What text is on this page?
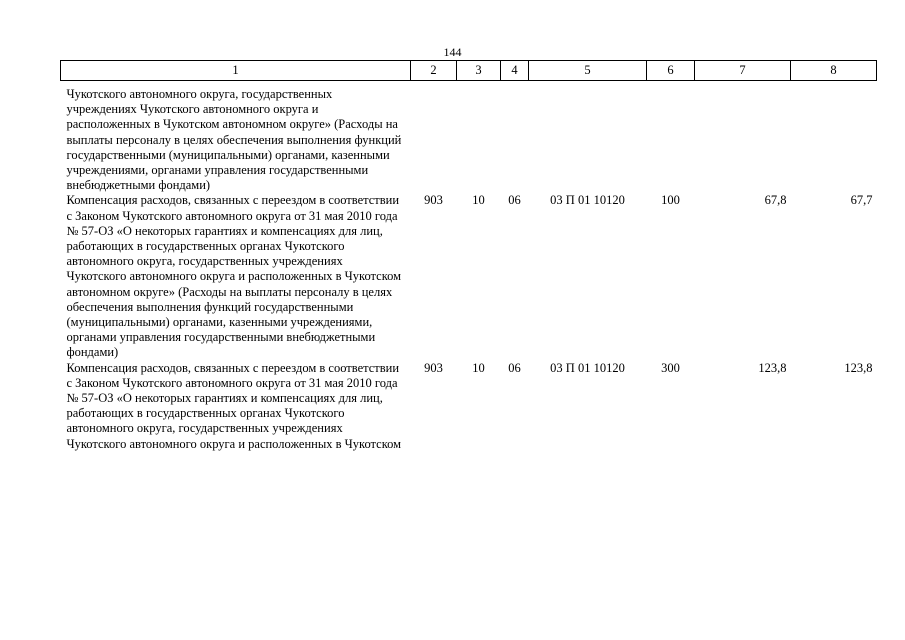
144
1	2	3	4	5	6	7	8
Чукотского автономного округа, государственных учреждениях Чукотского автономного округа и расположенных в Чукотском автономном округе» (Расходы на выплаты персоналу в целях обеспечения выполнения функций государственными (муниципальными) органами, казенными учреждениями, органами управления государственными внебюджетными фондами)							
Компенсация расходов, связанных с переездом в соответствии с Законом Чукотского автономного округа от 31 мая 2010 года № 57-ОЗ «О некоторых гарантиях и компенсациях для лиц, работающих в государственных органах Чукотского автономного округа, государственных учреждениях Чукотского автономного округа и расположенных в Чукотском автономном округе» (Расходы на выплаты персоналу в целях обеспечения выполнения функций государственными (муниципальными) органами, казенными учреждениями, органами управления государственными внебюджетными фондами)	903	10	06	03 П 01 10120	100	67,8	67,7
Компенсация расходов, связанных с переездом в соответствии с Законом Чукотского автономного округа от 31 мая 2010 года № 57-ОЗ «О некоторых гарантиях и компенсациях для лиц, работающих в государственных органах Чукотского автономного округа, государственных учреждениях Чукотского автономного округа и расположенных в Чукотском	903	10	06	03 П 01 10120	300	123,8	123,8
